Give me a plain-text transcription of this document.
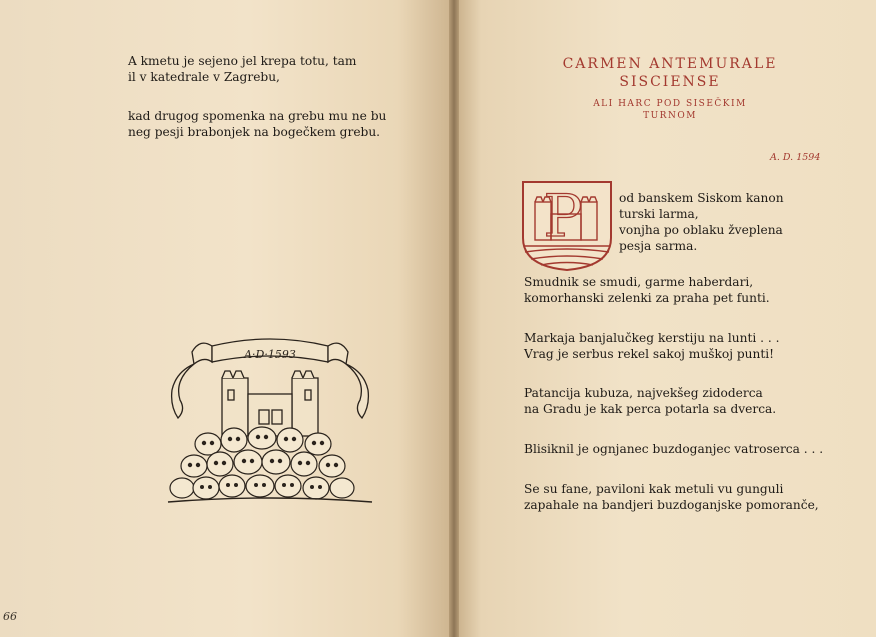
A kmetu je sejeno jel krepa totu, tam
il v katedrale v Zagrebu,
kad drugog spomenka na grebu mu ne bu
neg pesji brabonjek na bogečkem grebu.
A·D·1593
66
CARMEN ANTEMURALE
SISCIENSE
ALI HARC POD SISEČKIM
TURNOM
A. D. 1594
P	od banskem Siskom kanon
turski larma,
vonjha po oblaku žveplena
pesja sarma.
Smudnik se smudi, garme haberdari,
komorhanski zelenki za praha pet funti.
Markaja banjalučkeg kerstiju na lunti . . .
Vrag je serbus rekel sakoj muškoj punti!
Patancija kubuza, najvekšeg zidoderca
na Gradu je kak perca potarla sa dverca.
Blisiknil je ognjanec buzdoganjec vatroserca . . .
Se su fane, paviloni kak metuli vu gunguli
zapahale na bandjeri buzdoganjske pomoranče,
